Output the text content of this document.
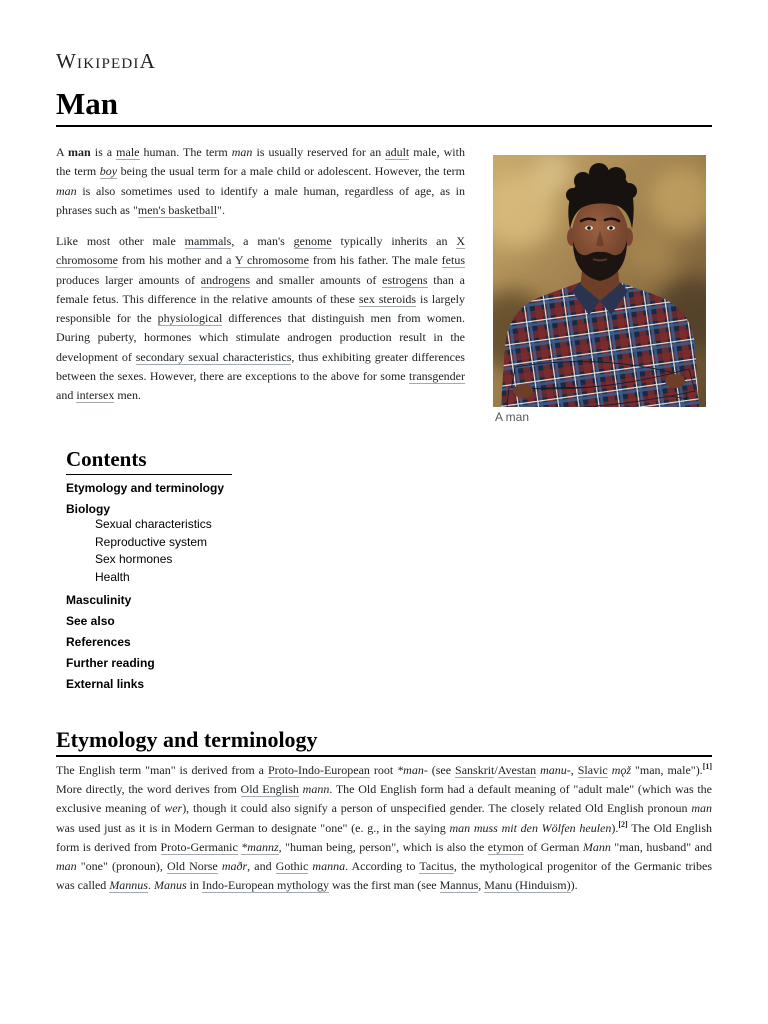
WikipediA
Man

A man is a male human. The term man is usually reserved for an adult male, with the term boy being the usual term for a male child or adolescent. However, the term man is also sometimes used to identify a male human, regardless of age, as in phrases such as "men's basketball".

Like most other male mammals, a man's genome typically inherits an X chromosome from his mother and a Y chromosome from his father. The male fetus produces larger amounts of androgens and smaller amounts of estrogens than a female fetus. This difference in the relative amounts of these sex steroids is largely responsible for the physiological differences that distinguish men from women. During puberty, hormones which stimulate androgen production result in the development of secondary sexual characteristics, thus exhibiting greater differences between the sexes. However, there are exceptions to the above for some transgender and intersex men.

A man
Contents
Etymology and terminology
Biology
Sexual characteristics
Reproductive system
Sex hormones
Health
Masculinity
See also
References
Further reading
External links
Etymology and terminology

The English term "man" is derived from a Proto-Indo-European root *man- (see Sanskrit/Avestan manu-, Slavic mǫž "man, male").[1] More directly, the word derives from Old English mann. The Old English form had a default meaning of "adult male" (which was the exclusive meaning of wer), though it could also signify a person of unspecified gender. The closely related Old English pronoun man was used just as it is in Modern German to designate "one" (e. g., in the saying man muss mit den Wölfen heulen).[2] The Old English form is derived from Proto-Germanic *mannz, "human being, person", which is also the etymon of German Mann "man, husband" and man "one" (pronoun), Old Norse maðr, and Gothic manna. According to Tacitus, the mythological progenitor of the Germanic tribes was called Mannus. Manus in Indo-European mythology was the first man (see Mannus, Manu (Hinduism)).
